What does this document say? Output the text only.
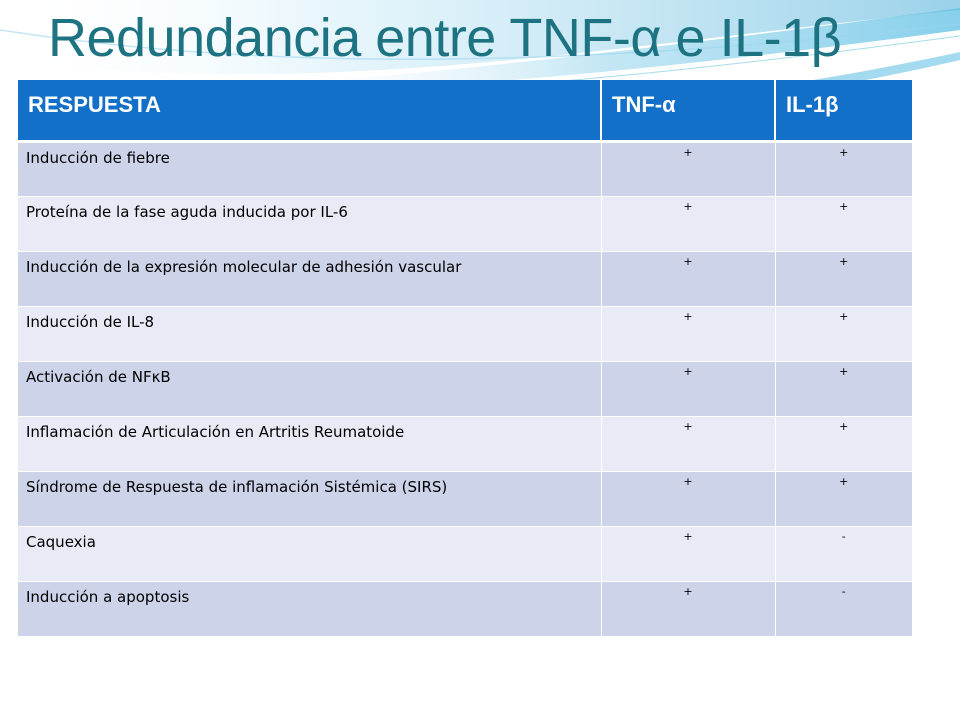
Redundancia entre TNF-α e IL-1β
RESPUESTA	TNF-α	IL-1β
Inducción de fiebre	+	+
Proteína de la fase aguda inducida por IL-6	+	+
Inducción de la expresión molecular de adhesión vascular	+	+
Inducción de IL-8	+	+
Activación de NFκB	+	+
Inflamación de Articulación en Artritis Reumatoide	+	+
Síndrome de Respuesta de inflamación Sistémica (SIRS)	+	+
Caquexia	+	-
Inducción a apoptosis	+	-
